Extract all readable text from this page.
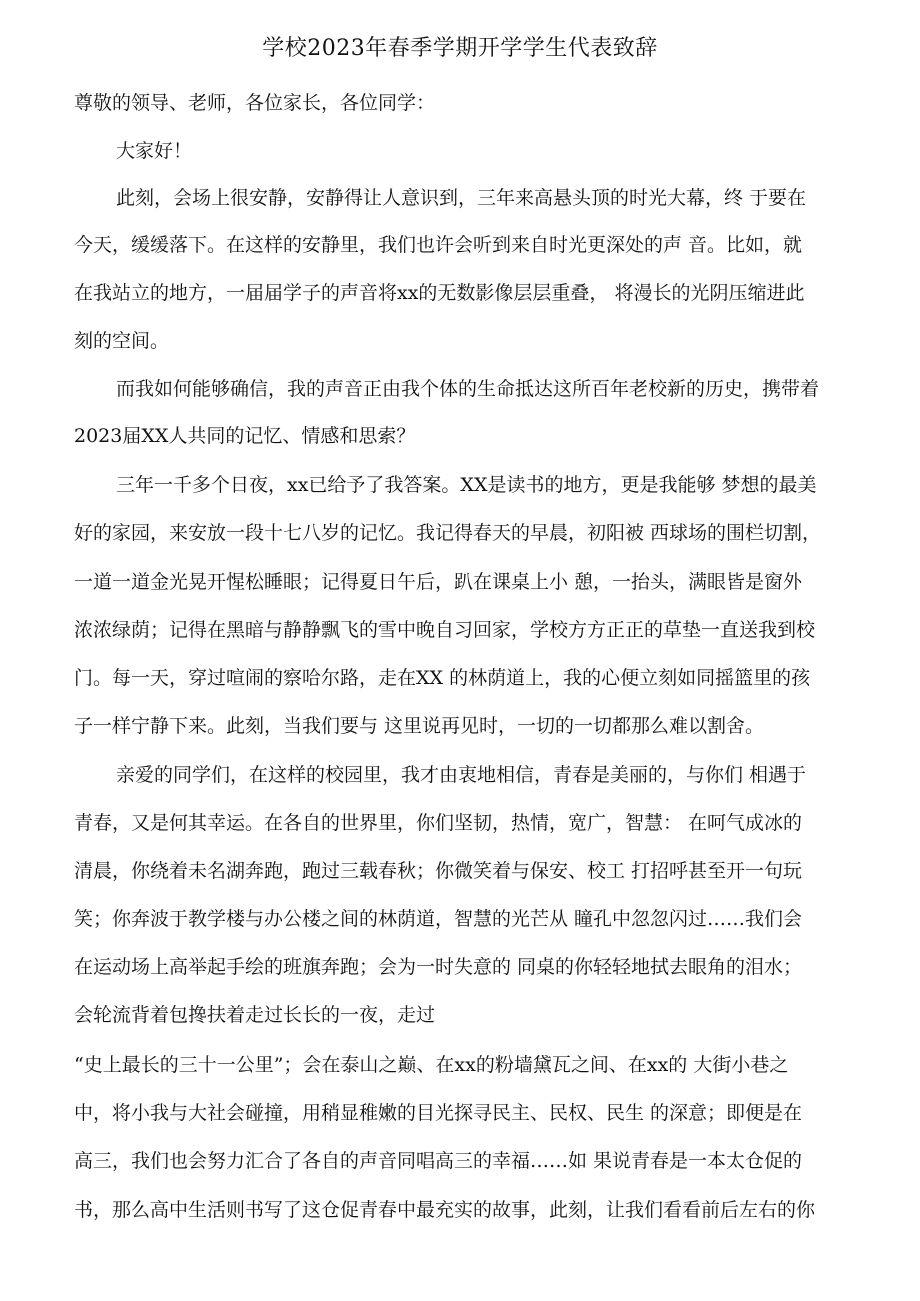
学校2023年春季学期开学学生代表致辞
尊敬的领导、老师，各位家长，各位同学：
大家好！
此刻，会场上很安静，安静得让人意识到，三年来高悬头顶的时光大幕，终 于要在
今天，缓缓落下。在这样的安静里，我们也许会听到来自时光更深处的声 音。比如，就
在我站立的地方，一届届学子的声音将xx的无数影像层层重叠， 将漫长的光阴压缩进此
刻的空间。
而我如何能够确信，我的声音正由我个体的生命抵达这所百年老校新的历史，携带着
2023届XX人共同的记忆、情感和思索？
三年一千多个日夜，xx已给予了我答案。XX是读书的地方，更是我能够 梦想的最美
好的家园，来安放一段十七八岁的记忆。我记得春天的早晨，初阳被 西球场的围栏切割，
一道一道金光晃开惺松睡眼；记得夏日午后，趴在课桌上小 憩，一抬头，满眼皆是窗外
浓浓绿荫；记得在黑暗与静静飘飞的雪中晚自习回家，学校方方正正的草垫一直送我到校
门。每一天，穿过喧闹的察哈尔路，走在XX 的林荫道上，我的心便立刻如同摇篮里的孩
子一样宁静下来。此刻，当我们要与 这里说再见时，一切的一切都那么难以割舍。
亲爱的同学们，在这样的校园里，我才由衷地相信，青春是美丽的，与你们 相遇于
青春，又是何其幸运。在各自的世界里，你们坚韧，热情，宽广，智慧： 在呵气成冰的
清晨，你绕着未名湖奔跑，跑过三载春秋；你微笑着与保安、校工 打招呼甚至开一句玩
笑；你奔波于教学楼与办公楼之间的林荫道，智慧的光芒从 瞳孔中忽忽闪过……我们会
在运动场上高举起手绘的班旗奔跑；会为一时失意的 同桌的你轻轻地拭去眼角的泪水；
会轮流背着包搀扶着走过长长的一夜，走过
“史上最长的三十一公里”；会在泰山之巅、在xx的粉墙黛瓦之间、在xx的 大街小巷之
中，将小我与大社会碰撞，用稍显稚嫩的目光探寻民主、民权、民生 的深意；即便是在
高三，我们也会努力汇合了各自的声音同唱高三的幸福……如 果说青春是一本太仓促的
书，那么高中生活则书写了这仓促青春中最充实的故事，此刻，让我们看看前后左右的你
